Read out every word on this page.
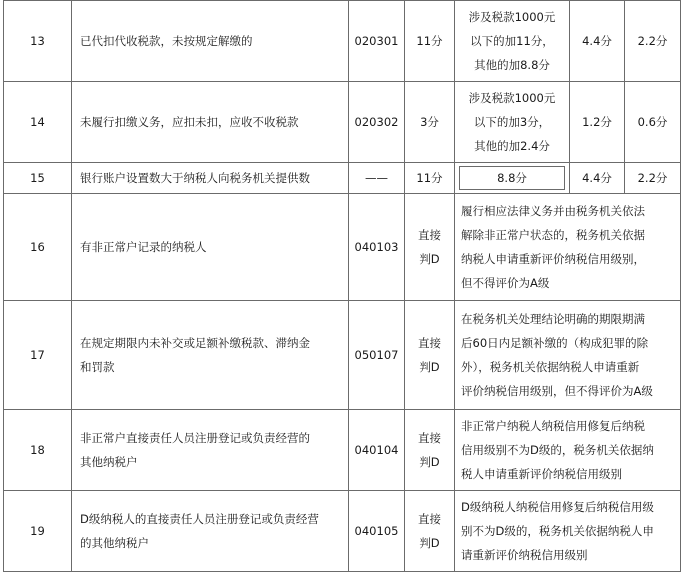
13	已代扣代收税款，未按规定解缴的	020301	11分	涉及税款1000元
以下的加11分，
其他的加8.8分	4.4分	2.2分
14	未履行扣缴义务，应扣未扣，应收不收税款	020302	3分	涉及税款1000元
以下的加3分，
其他的加2.4分	1.2分	0.6分
15	银行账户设置数大于纳税人向税务机关提供数	——	11分	8.8分	4.4分	2.2分
16	有非正常户记录的纳税人	040103	直接
判D	履行相应法律义务并由税务机关依法
解除非正常户状态的，税务机关依据
纳税人申请重新评价纳税信用级别，
但不得评价为A级		

17	在规定期限内未补交或足额补缴税款、滞纳金
和罚款	050107	直接
判D	在税务机关处理结论明确的期限期满
后60日内足额补缴的（构成犯罪的除
外），税务机关依据纳税人申请重新
评价纳税信用级别，但不得评价为A级		

18	非正常户直接责任人员注册登记或负责经营的
其他纳税户	040104	直接
判D	非正常户纳税人纳税信用修复后纳税
信用级别不为D级的，税务机关依据纳
税人申请重新评价纳税信用级别		

19	D级纳税人的直接责任人员注册登记或负责经营
的其他纳税户	040105	直接
判D	D级纳税人纳税信用修复后纳税信用级
别不为D级的，税务机关依据纳税人申
请重新评价纳税信用级别		
